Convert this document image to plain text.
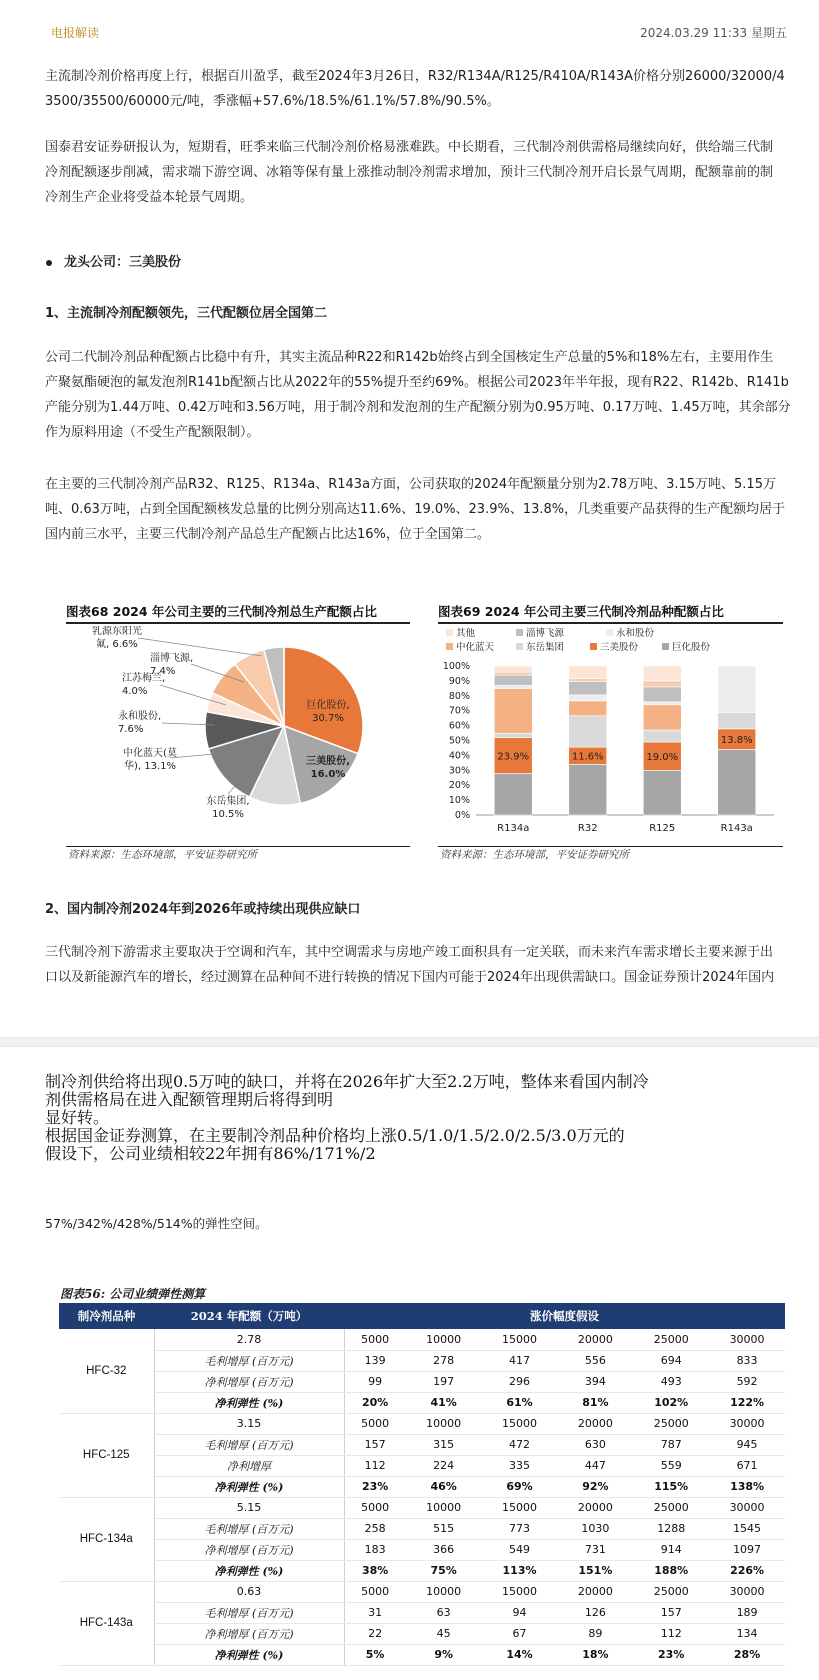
电报解读	2024.03.29 11:33 星期五
主流制冷剂价格再度上行，根据百川盈孚，截至2024年3月26日，R32/R134A/R125/R410A/R143A价格分别26000/32000/4
3500/35500/60000元/吨，季涨幅+57.6%/18.5%/61.1%/57.8%/90.5%。
国泰君安证券研报认为，短期看，旺季来临三代制冷剂价格易涨难跌。中长期看，三代制冷剂供需格局继续向好，供给端三代制
冷剂配额逐步削减，需求端下游空调、冰箱等保有量上涨推动制冷剂需求增加，预计三代制冷剂开启长景气周期，配额靠前的制
冷剂生产企业将受益本轮景气周期。
龙头公司：三美股份
1、主流制冷剂配额领先，三代配额位居全国第二
公司二代制冷剂品种配额占比稳中有升，其实主流品种R22和R142b始终占到全国核定生产总量的5%和18%左右，主要用作生
产聚氨酯硬泡的氟发泡剂R141b配额占比从2022年的55%提升至约69%。根据公司2023年半年报，现有R22、R142b、R141b
产能分别为1.44万吨、0.42万吨和3.56万吨，用于制冷剂和发泡剂的生产配额分别为0.95万吨、0.17万吨、1.45万吨，其余部分
作为原料用途（不受生产配额限制）。
在主要的三代制冷剂产品R32、R125、R134a、R143a方面，公司获取的2024年配额量分别为2.78万吨、3.15万吨、5.15万
吨、0.63万吨，占到全国配额核发总量的比例分别高达11.6%、19.0%、23.9%、13.8%，几类重要产品获得的生产配额均居于
国内前三水平，主要三代制冷剂产品总生产配额占比达16%，位于全国第二。
图表68 2024 年公司主要的三代制冷剂总生产配额占比
巨化股份,
30.7%
三美股份,
16.0%
东岳集团,
10.5%
中化蓝天(莫
华), 13.1%
永和股份,
7.6%
江苏梅兰,
4.0%
淄博飞源,
7.4%
乳源东阳光
氟, 6.6%
资料来源：生态环境部，平安证券研究所
图表69 2024 年公司主要三代制冷剂品种配额占比
其他	淄博飞源	永和股份
中化蓝天	东岳集团	三美股份	巨化股份
0%
10%
20%
30%
40%
50%
60%
70%
80%
90%
100%
23.9%
R134a
11.6%
R32
19.0%
R125
13.8%
R143a
资料来源：生态环境部，平安证券研究所
2、国内制冷剂2024年到2026年或持续出现供应缺口
三代制冷剂下游需求主要取决于空调和汽车，其中空调需求与房地产竣工面积具有一定关联，而未来汽车需求增长主要来源于出
口以及新能源汽车的增长，经过测算在品种间不进行转换的情况下国内可能于2024年出现供需缺口。国金证券预计2024年国内
制冷剂供给将出现0.5万吨的缺口，并将在2026年扩大至2.2万吨，整体来看国内制冷
剂供需格局在进入配额管理期后将得到明
显好转。
根据国金证券测算，在主要制冷剂品种价格均上涨0.5/1.0/1.5/2.0/2.5/3.0万元的
假设下，公司业绩相较22年拥有86%/171%/2
57%/342%/428%/514%的弹性空间。
图表56: 公司业绩弹性测算
制冷剂品种	2024 年配额（万吨）	涨价幅度假设					
HFC-32	2.78	5000	10000	15000	20000	25000	30000
	毛利增厚 (百万元)	139	278	417	556	694	833
	净利增厚 (百万元)	99	197	296	394	493	592
	净利弹性 (%)	20%	41%	61%	81%	102%	122%
HFC-125	3.15	5000	10000	15000	20000	25000	30000
	毛利增厚 (百万元)	157	315	472	630	787	945
	净利增厚	112	224	335	447	559	671
	净利弹性 (%)	23%	46%	69%	92%	115%	138%
HFC-134a	5.15	5000	10000	15000	20000	25000	30000
	毛利增厚 (百万元)	258	515	773	1030	1288	1545
	净利增厚 (百万元)	183	366	549	731	914	1097
	净利弹性 (%)	38%	75%	113%	151%	188%	226%
HFC-143a	0.63	5000	10000	15000	20000	25000	30000
	毛利增厚 (百万元)	31	63	94	126	157	189
	净利增厚 (百万元)	22	45	67	89	112	134
	净利弹性 (%)	5%	9%	14%	18%	23%	28%
